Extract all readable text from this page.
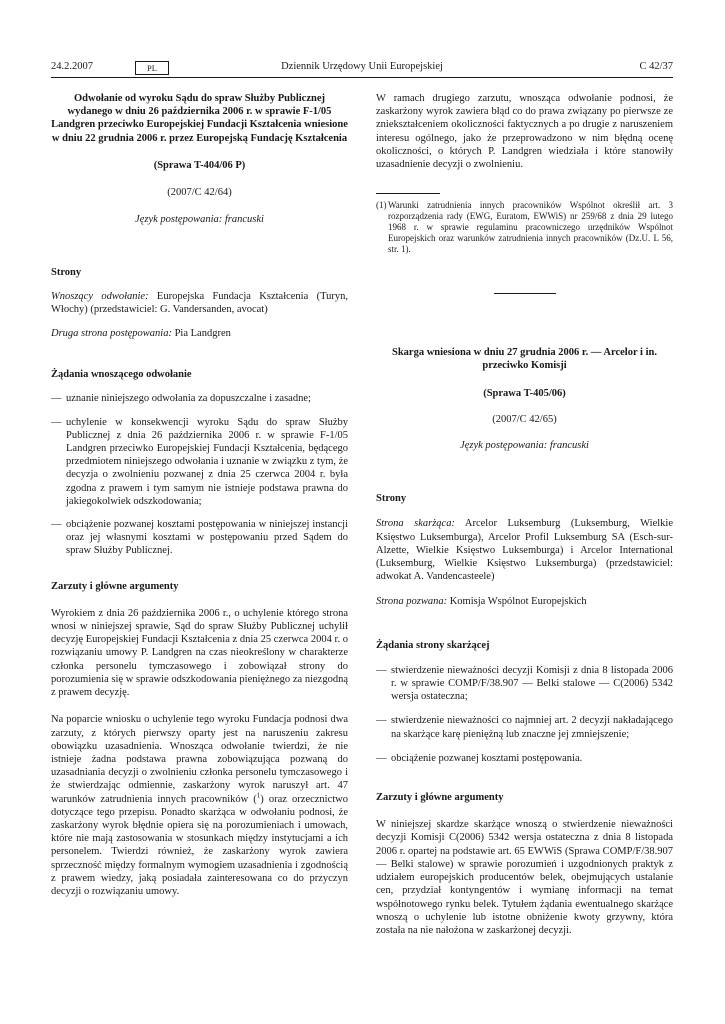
24.2.2007	PL	Dziennik Urzędowy Unii Europejskiej	C 42/37

Odwołanie od wyroku Sądu do spraw Służby Publicznej wydanego w dniu 26 października 2006 r. w sprawie F-1/05 Landgren przeciwko Europejskiej Fundacji Kształcenia wniesione w dniu 22 grudnia 2006 r. przez Europejską Fundację Kształcenia

(Sprawa T-404/06 P)

(2007/C 42/64)

Język postępowania: francuski

Strony

Wnoszący odwołanie: Europejska Fundacja Kształcenia (Turyn, Włochy) (przedstawiciel: G. Vandersanden, avocat)

Druga strona postępowania: Pia Landgren

Żądania wnoszącego odwołanie

— uznanie niniejszego odwołania za dopuszczalne i zasadne;
— uchylenie w konsekwencji wyroku Sądu do spraw Służby Publicznej z dnia 26 października 2006 r. w sprawie F-1/05 Landgren przeciwko Europejskiej Fundacji Kształcenia, będącego przedmiotem niniejszego odwołania i uznanie w związku z tym, że decyzja o zwolnieniu pozwanej z dnia 25 czerwca 2004 r. była zgodna z prawem i tym samym nie istnieje podstawa prawna do jakiegokolwiek odszkodowania;
— obciążenie pozwanej kosztami postępowania w niniejszej instancji oraz jej własnymi kosztami w postępowaniu przed Sądem do spraw Służby Publicznej.

Zarzuty i główne argumenty

Wyrokiem z dnia 26 października 2006 r., o uchylenie którego strona wnosi w niniejszej sprawie, Sąd do spraw Służby Publicznej uchylił decyzję Europejskiej Fundacji Kształcenia z dnia 25 czerwca 2004 r. o rozwiązaniu umowy P. Landgren na czas nieokreślony w charakterze członka personelu tymczasowego i zobowiązał strony do porozumienia się w sprawie odszkodowania pieniężnego za niezgodną z prawem decyzję.

Na poparcie wniosku o uchylenie tego wyroku Fundacja podnosi dwa zarzuty, z których pierwszy oparty jest na naruszeniu zakresu obowiązku uzasadnienia. Wnosząca odwołanie twierdzi, że nie istnieje żadna podstawa prawna zobowiązująca pozwaną do uzasadniania decyzji o zwolnieniu członka personelu tymczasowego i że stwierdzając odmiennie, zaskarżony wyrok naruszył art. 47 warunków zatrudnienia innych pracowników ($^1$) oraz orzecznictwo dotyczące tego przepisu. Ponadto skarżąca w odwołaniu podnosi, że zaskarżony wyrok błędnie opiera się na porozumieniach i umowach, które nie mają zastosowania w stosunkach między instytucjami a ich personelem. Twierdzi również, że zaskarżony wyrok zawiera sprzeczność między formalnym wymogiem uzasadnienia i zgodnością z prawem wiedzy, jaką posiadała zainteresowana co do przyczyn decyzji o rozwiązaniu umowy.

W ramach drugiego zarzutu, wnosząca odwołanie podnosi, że zaskarżony wyrok zawiera błąd co do prawa związany po pierwsze ze zniekształceniem okoliczności faktycznych a po drugie z naruszeniem interesu ogólnego, jako że przeprowadzono w nim błędną ocenę okoliczności, o których P. Landgren wiedziała i które stanowiły uzasadnienie decyzji o zwolnieniu.

(1) Warunki zatrudnienia innych pracowników Wspólnot określił art. 3 rozporządzenia rady (EWG, Euratom, EWWiS) nr 259/68 z dnia 29 lutego 1968 r. w sprawie regulaminu pracowniczego urzędników Wspólnot Europejskich oraz warunków zatrudnienia innych pracowników (Dz.U. L 56, str. 1).

Skarga wniesiona w dniu 27 grudnia 2006 r. — Arcelor i in. przeciwko Komisji

(Sprawa T-405/06)

(2007/C 42/65)

Język postępowania: francuski

Strony

Strona skarżąca: Arcelor Luksemburg (Luksemburg, Wielkie Księstwo Luksemburga), Arcelor Profil Luksemburg SA (Esch-sur-Alzette, Wielkie Księstwo Luksemburga) i Arcelor International (Luksemburg, Wielkie Księstwo Luksemburga) (przedstawiciel: adwokat A. Vandencasteele)

Strona pozwana: Komisja Wspólnot Europejskich

Żądania strony skarżącej

— stwierdzenie nieważności decyzji Komisji z dnia 8 listopada 2006 r. w sprawie COMP/F/38.907 — Belki stalowe — C(2006) 5342 wersja ostateczna;
— stwierdzenie nieważności co najmniej art. 2 decyzji nakładającego na skarżące karę pieniężną lub znaczne jej zmniejszenie;
— obciążenie pozwanej kosztami postępowania.

Zarzuty i główne argumenty

W niniejszej skardze skarżące wnoszą o stwierdzenie nieważności decyzji Komisji C(2006) 5342 wersja ostateczna z dnia 8 listopada 2006 r. opartej na podstawie art. 65 EWWiS (Sprawa COMP/F/38.907 — Belki stalowe) w sprawie porozumień i uzgodnionych praktyk z udziałem europejskich producentów belek, obejmujących ustalanie cen, przydział kontyngentów i wymianę informacji na temat współnotowego rynku belek. Tytułem żądania ewentualnego skarżące wnoszą o uchylenie lub istotne obniżenie kwoty grzywny, która została na nie nałożona w zaskarżonej decyzji.
